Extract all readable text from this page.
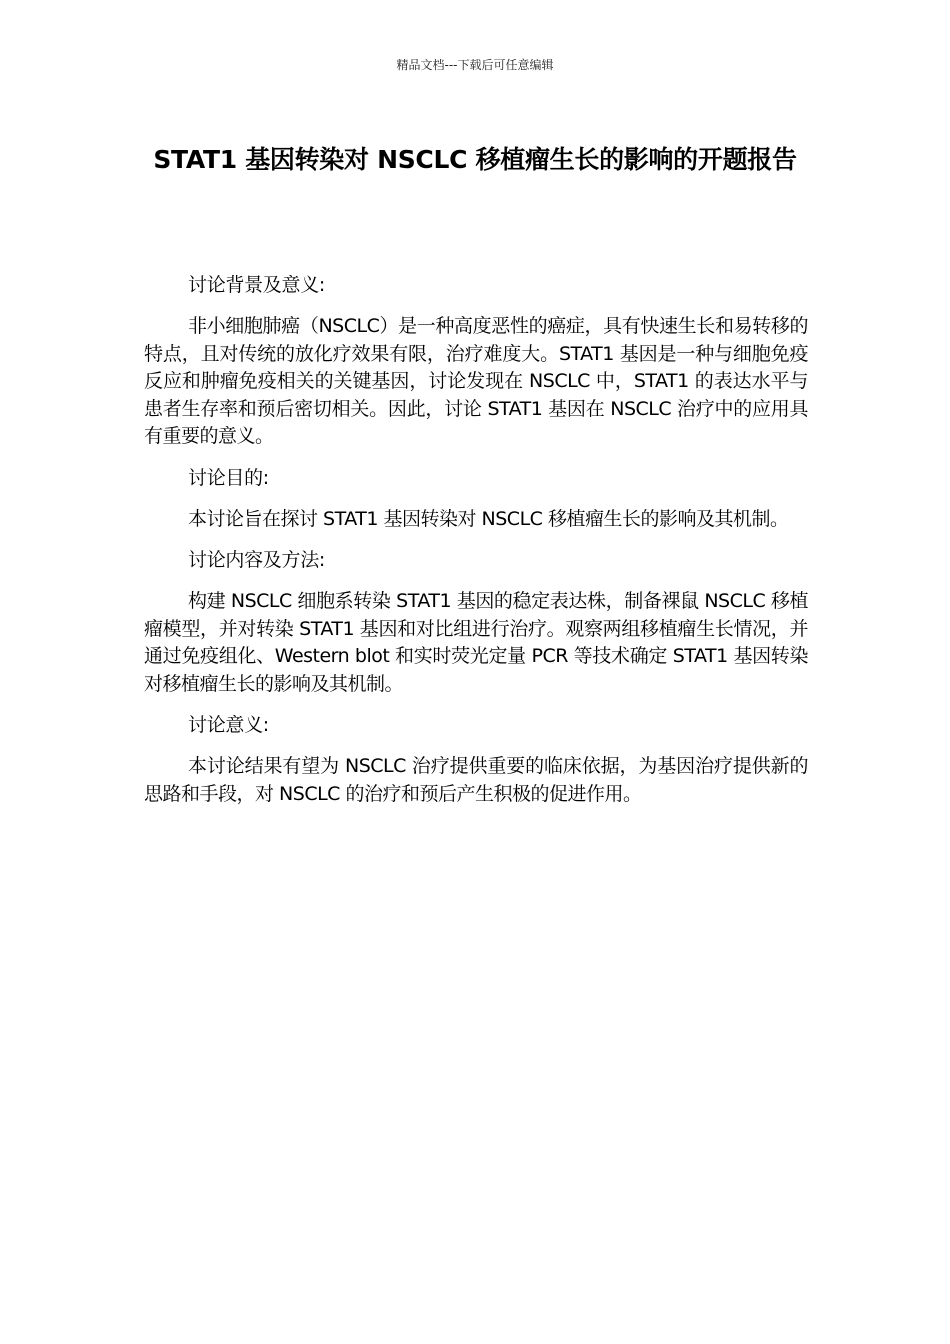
精品文档---下载后可任意编辑
STAT1 基因转染对 NSCLC 移植瘤生长的影响的开题报告

讨论背景及意义:

非小细胞肺癌（NSCLC）是一种高度恶性的癌症，具有快速生长和易转移的特点，且对传统的放化疗效果有限，治疗难度大。STAT1 基因是一种与细胞免疫反应和肿瘤免疫相关的关键基因，讨论发现在 NSCLC 中，STAT1 的表达水平与患者生存率和预后密切相关。因此，讨论 STAT1 基因在 NSCLC 治疗中的应用具有重要的意义。

讨论目的:

本讨论旨在探讨 STAT1 基因转染对 NSCLC 移植瘤生长的影响及其机制。

讨论内容及方法:

构建 NSCLC 细胞系转染 STAT1 基因的稳定表达株，制备裸鼠 NSCLC 移植瘤模型，并对转染 STAT1 基因和对比组进行治疗。观察两组移植瘤生长情况，并通过免疫组化、Western blot 和实时荧光定量 PCR 等技术确定 STAT1 基因转染对移植瘤生长的影响及其机制。

讨论意义:

本讨论结果有望为 NSCLC 治疗提供重要的临床依据，为基因治疗提供新的思路和手段，对 NSCLC 的治疗和预后产生积极的促进作用。
